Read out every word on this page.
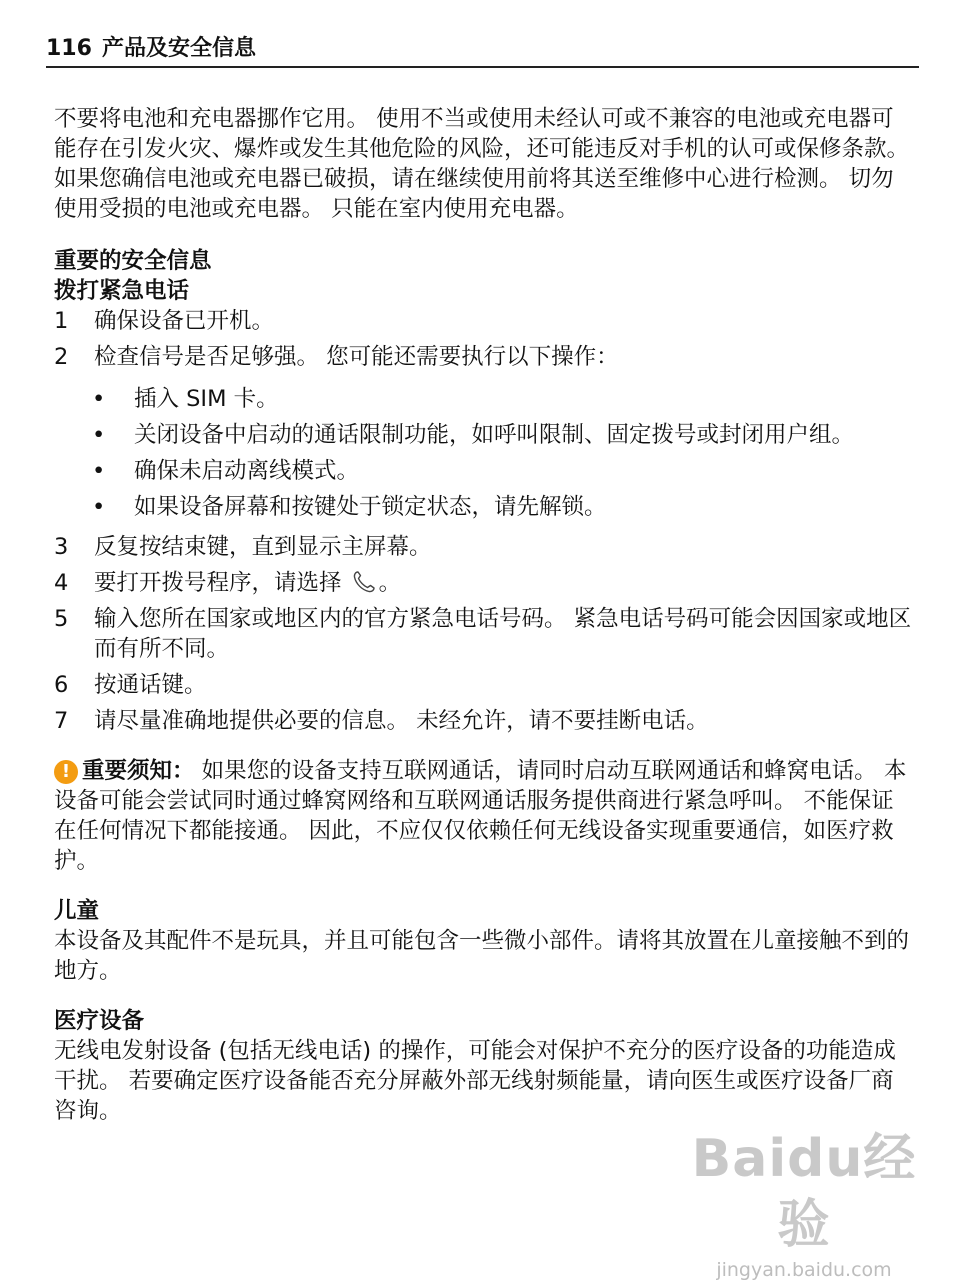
116 产品及安全信息

不要将电池和充电器挪作它用。 使用不当或使用未经认可或不兼容的电池或充电器可能存在引发火灾、爆炸或发生其他危险的风险，还可能违反对手机的认可或保修条款。 如果您确信电池或充电器已破损，请在继续使用前将其送至维修中心进行检测。 切勿使用受损的电池或充电器。 只能在室内使用充电器。

重要的安全信息
拨打紧急电话
1 确保设备已开机。
2 检查信号是否足够强。 您可能还需要执行以下操作：
• 插入 SIM 卡。
• 关闭设备中启动的通话限制功能，如呼叫限制、固定拨号或封闭用户组。
• 确保未启动离线模式。
• 如果设备屏幕和按键处于锁定状态，请先解锁。
3 反复按结束键，直到显示主屏幕。
4 要打开拨号程序，请选择 。
5 输入您所在国家或地区内的官方紧急电话号码。 紧急电话号码可能会因国家或地区而有所不同。
6 按通话键。
7 请尽量准确地提供必要的信息。 未经允许，请不要挂断电话。

! 重要须知： 如果您的设备支持互联网通话，请同时启动互联网通话和蜂窝电话。 本设备可能会尝试同时通过蜂窝网络和互联网通话服务提供商进行紧急呼叫。 不能保证在任何情况下都能接通。 因此，不应仅仅依赖任何无线设备实现重要通信，如医疗救护。

儿童

本设备及其配件不是玩具，并且可能包含一些微小部件。请将其放置在儿童接触不到的地方。

医疗设备

无线电发射设备 (包括无线电话) 的操作，可能会对保护不充分的医疗设备的功能造成干扰。 若要确定医疗设备能否充分屏蔽外部无线射频能量，请向医生或医疗设备厂商咨询。

Baidu经验
jingyan.baidu.com
